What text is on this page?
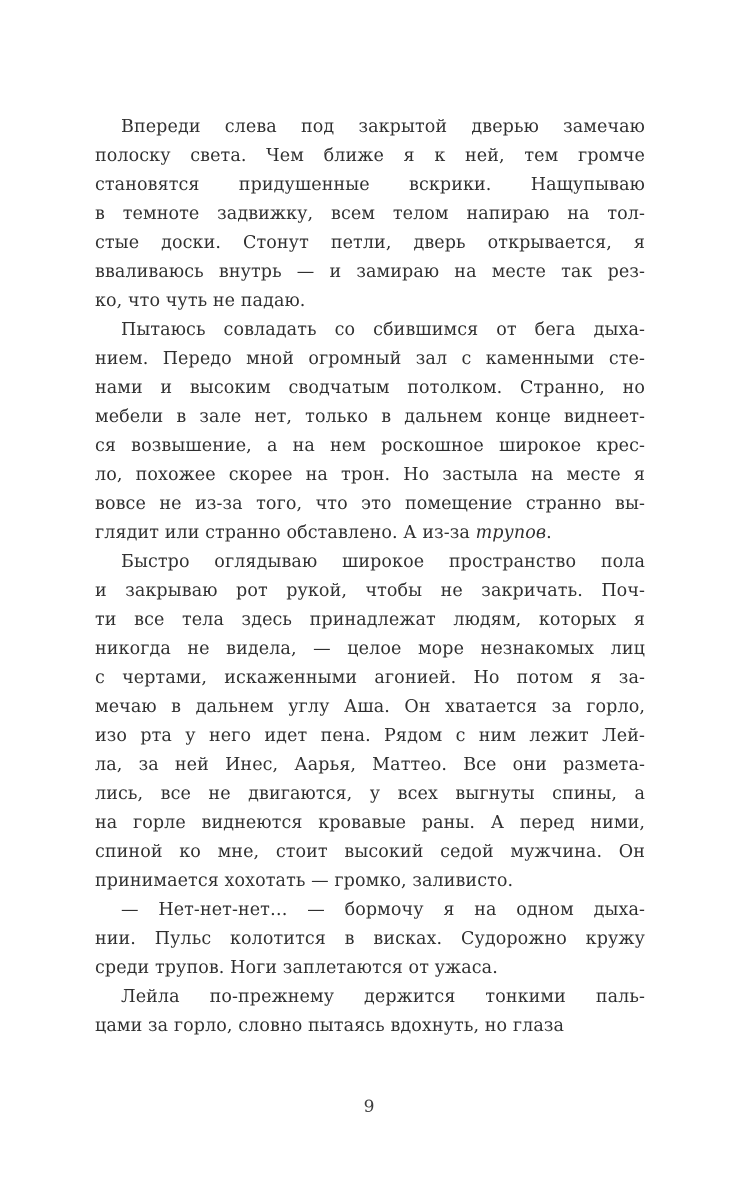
Впереди слева под закрытой дверью замечаю
полоску света. Чем ближе я к ней, тем громче
становятся придушенные вскрики. Нащупываю
в темноте задвижку, всем телом напираю на тол-
стые доски. Стонут петли, дверь открывается, я
вваливаюсь внутрь — и замираю на месте так рез-
ко, что чуть не падаю.

Пытаюсь совладать со сбившимся от бега дыха-
нием. Передо мной огромный зал с каменными сте-
нами и высоким сводчатым потолком. Странно, но
мебели в зале нет, только в дальнем конце виднеет-
ся возвышение, а на нем роскошное широкое крес-
ло, похожее скорее на трон. Но застыла на месте я
вовсе не из-за того, что это помещение странно вы-
глядит или странно обставлено. А из-за трупов.

Быстро оглядываю широкое пространство пола
и закрываю рот рукой, чтобы не закричать. Поч-
ти все тела здесь принадлежат людям, которых я
никогда не видела, — целое море незнакомых лиц
с чертами, искаженными агонией. Но потом я за-
мечаю в дальнем углу Аша. Он хватается за горло,
изо рта у него идет пена. Рядом с ним лежит Лей-
ла, за ней Инес, Аарья, Маттео. Все они размета-
лись, все не двигаются, у всех выгнуты спины, а
на горле виднеются кровавые раны. А перед ними,
спиной ко мне, стоит высокий седой мужчина. Он
принимается хохотать — громко, заливисто.

— Нет-нет-нет… — бормочу я на одном дыха-
нии. Пульс колотится в висках. Судорожно кружу
среди трупов. Ноги заплетаются от ужаса.

Лейла по-прежнему держится тонкими паль-
цами за горло, словно пытаясь вдохнуть, но глаза

9
